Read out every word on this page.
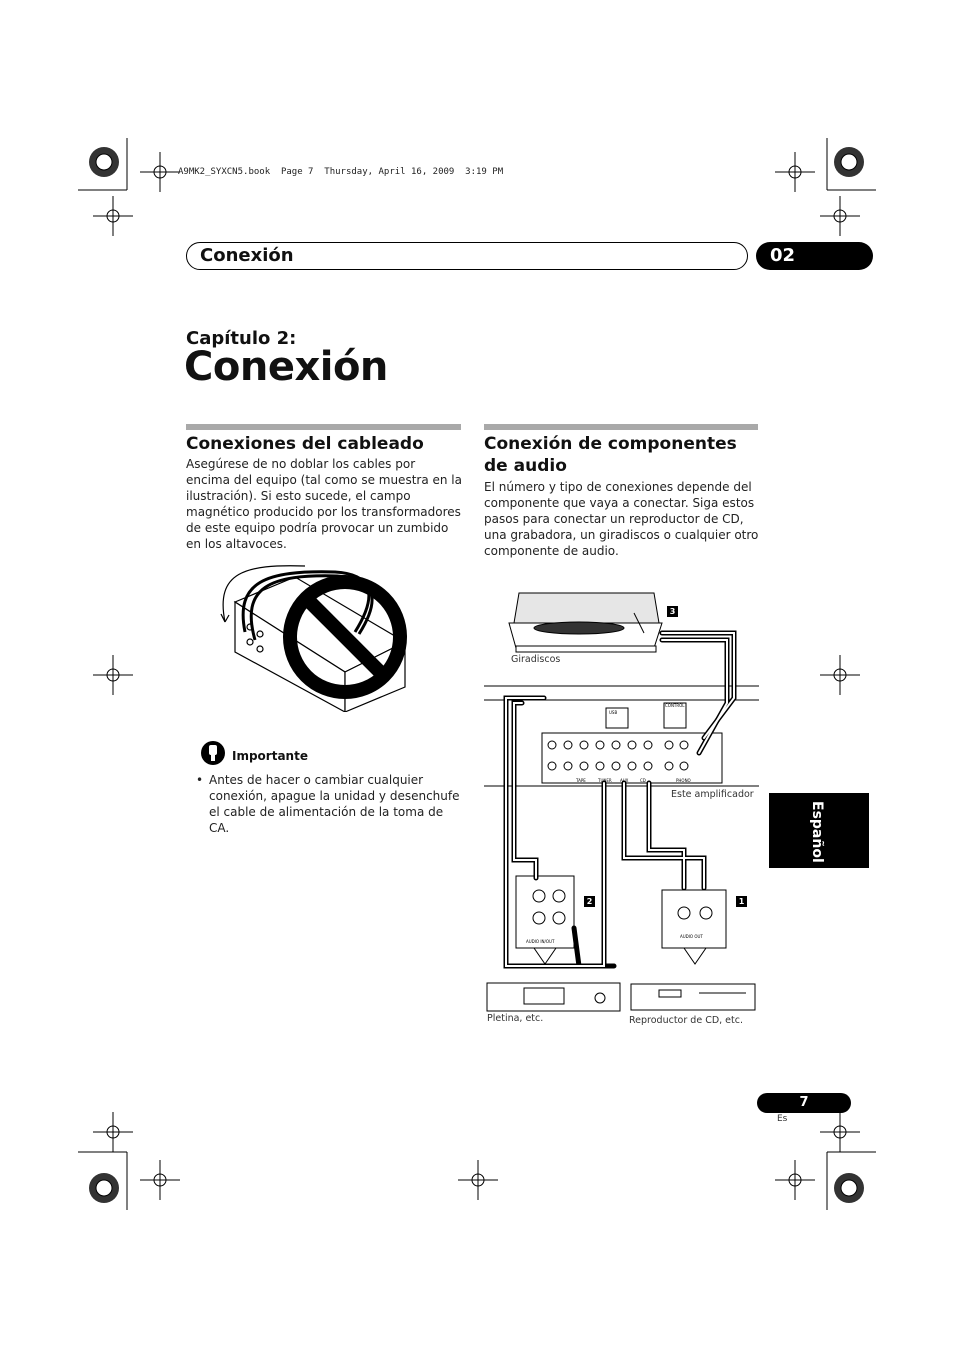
A9MK2_SYXCN5.book  Page 7  Thursday, April 16, 2009  3:19 PM
Conexión	02
Capítulo 2:
Conexión
Conexiones del cableado
Asegúrese de no doblar los cables por encima del equipo (tal como se muestra en la ilustración). Si esto sucede, el campo magnético producido por los transformadores de este equipo podría provocar un zumbido en los altavoces.
Importante
• Antes de hacer o cambiar cualquier conexión, apague la unidad y desenchufe el cable de alimentación de la toma de CA.
Conexión de componentes de audio
El número y tipo de conexiones depende del componente que vaya a conectar. Siga estos pasos para conectar un reproductor de CD, una grabadora, un giradiscos o cualquier otro componente de audio.
USB
CONTROL
PHONO
CD
TAPE	TUNER AUX
AUDIO IN/OUT
AUDIO OUT
Giradiscos
Este amplificador
Pletina, etc.	Reproductor de CD, etc.
1
2
3
Español
7
Es
